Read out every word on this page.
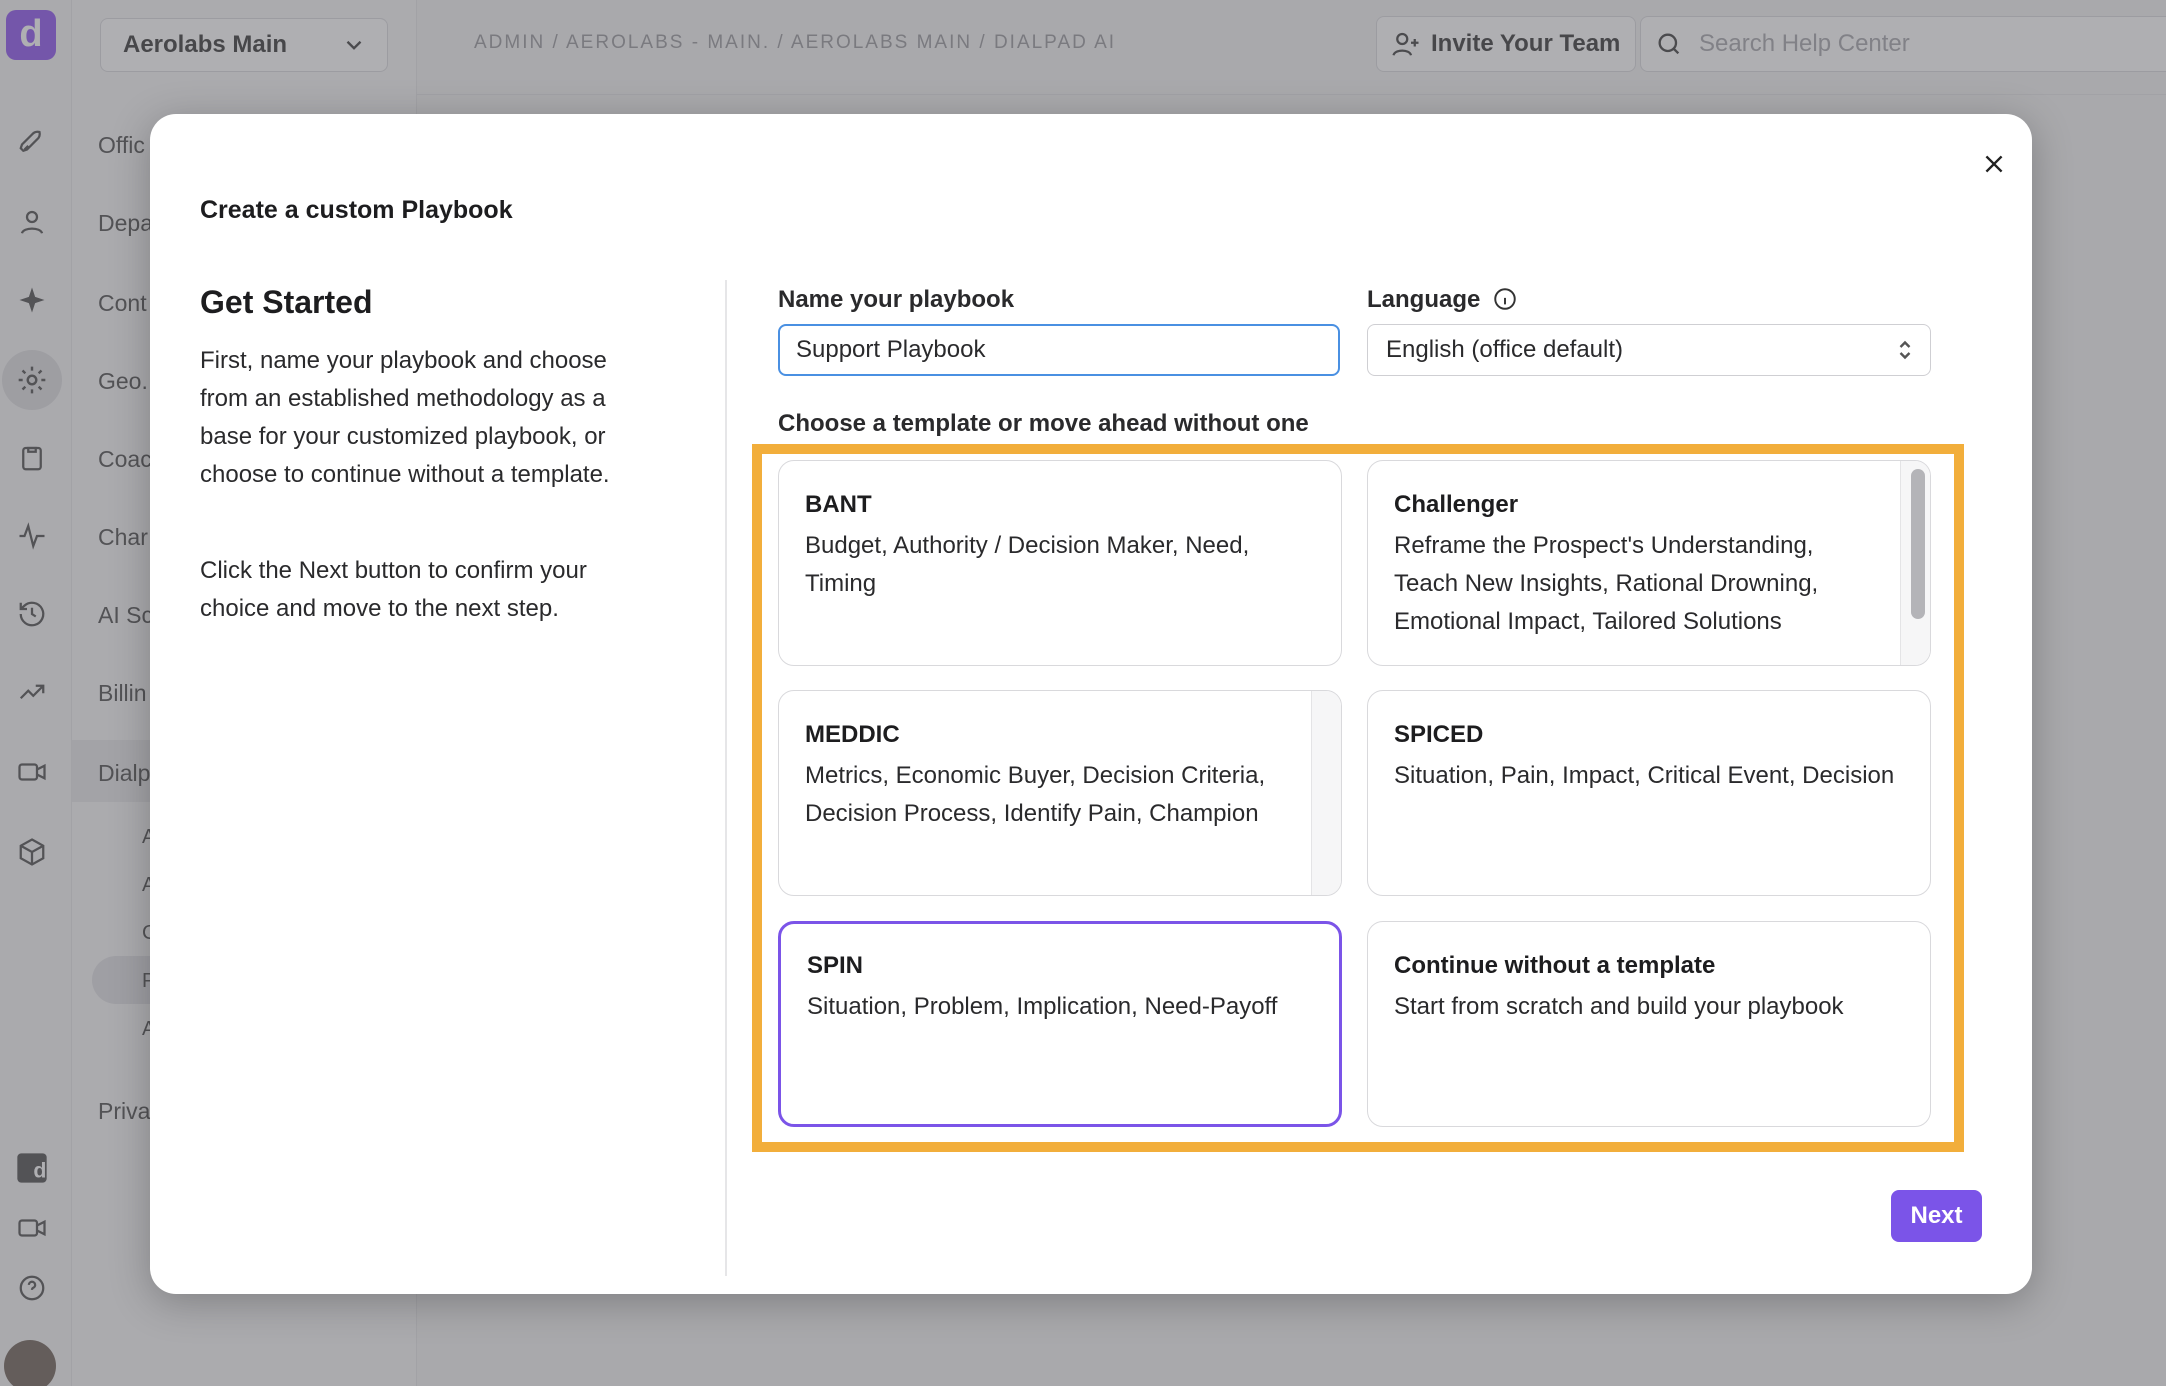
Create a custom Playbook
Get Started

First, name your playbook and choose from an established methodology as a base for your customized playbook, or choose to continue without a template.

Click the Next button to confirm your choice and move to the next step.

Name your playbook
Support Playbook	Language
English (office default)
Choose a template or move ahead without one
BANT
Budget, Authority / Decision Maker, Need, Timing
Challenger
Reframe the Prospect's Understanding, Teach New Insights, Rational Drowning, Emotional Impact, Tailored Solutions
MEDDIC
Metrics, Economic Buyer, Decision Criteria, Decision Process, Identify Pain, Champion
SPICED
Situation, Pain, Impact, Critical Event, Decision
SPIN
Situation, Problem, Implication, Need-Payoff
Continue without a template
Start from scratch and build your playbook
Next
